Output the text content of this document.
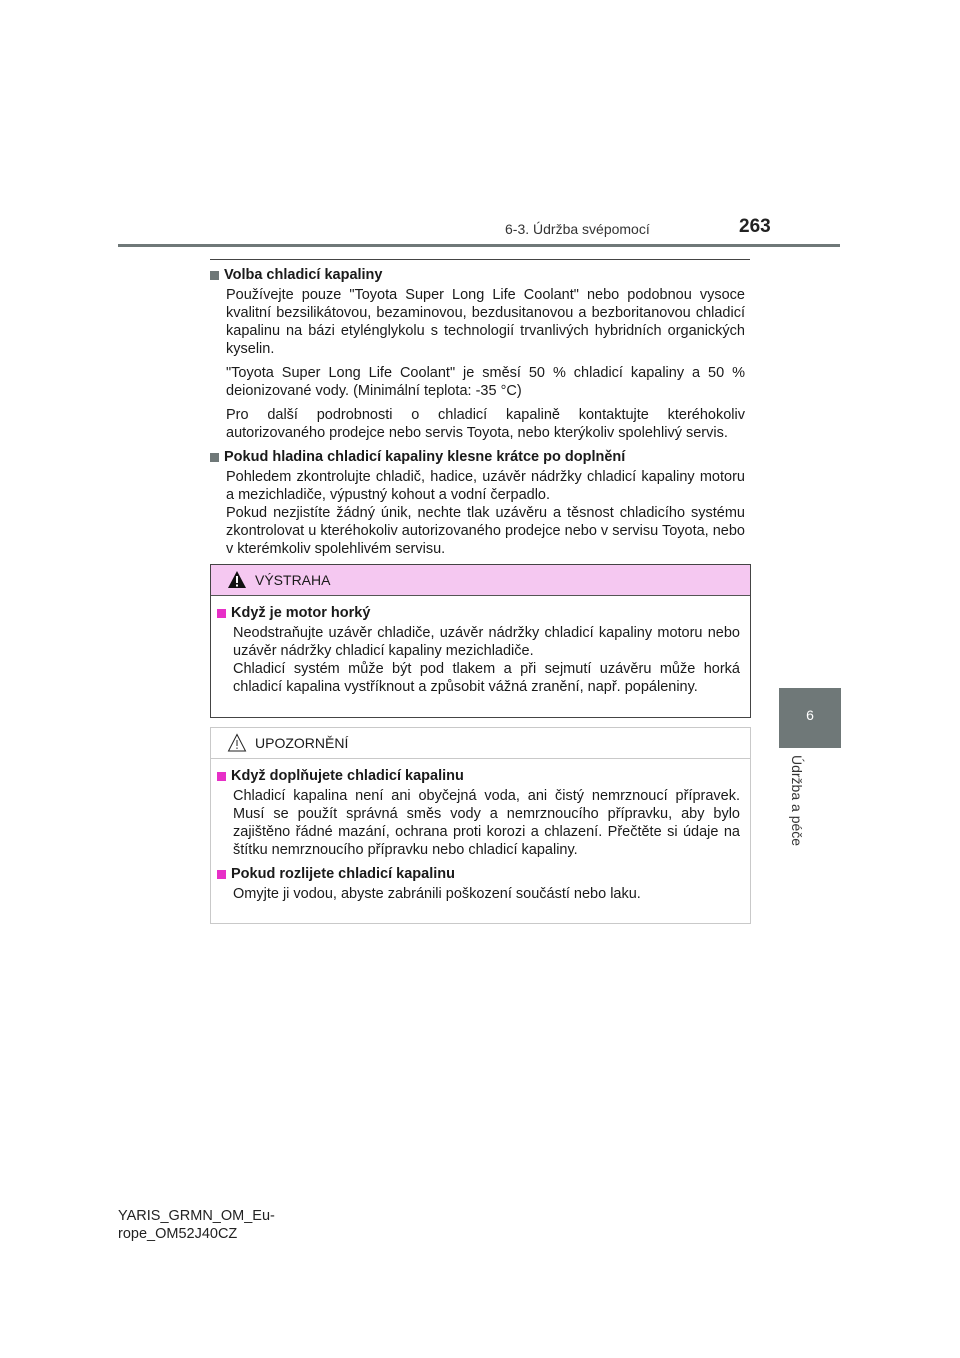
6-3. Údržba svépomocí	263
6
Údržba a péče
Volba chladicí kapaliny
Používejte pouze "Toyota Super Long Life Coolant" nebo podobnou vysoce kvalitní bezsilikátovou, bezaminovou, bezdusitanovou a bezboritanovou chladicí kapalinu na bázi etylénglykolu s technologií trvanlivých hybridních organických kyselin.
"Toyota Super Long Life Coolant" je směsí 50 % chladicí kapaliny a 50 % deionizované vody. (Minimální teplota: -35 °C)
Pro další podrobnosti o chladicí kapalině kontaktujte kteréhokoliv autorizovaného prodejce nebo servis Toyota, nebo kterýkoliv spolehlivý servis.
Pokud hladina chladicí kapaliny klesne krátce po doplnění
Pohledem zkontrolujte chladič, hadice, uzávěr nádržky chladicí kapaliny motoru a mezichladiče, výpustný kohout a vodní čerpadlo.
Pokud nezjistíte žádný únik, nechte tlak uzávěru a těsnost chladicího systému zkontrolovat u kteréhokoliv autorizovaného prodejce nebo v servisu Toyota, nebo v kterémkoliv spolehlivém servisu.
VÝSTRAHA
Když je motor horký
Neodstraňujte uzávěr chladiče, uzávěr nádržky chladicí kapaliny motoru nebo uzávěr nádržky chladicí kapaliny mezichladiče.
Chladicí systém může být pod tlakem a při sejmutí uzávěru může horká chladicí kapalina vystříknout a způsobit vážná zranění, např. popáleniny.
UPOZORNĚNÍ
Když doplňujete chladicí kapalinu
Chladicí kapalina není ani obyčejná voda, ani čistý nemrznoucí přípravek. Musí se použít správná směs vody a nemrznoucího přípravku, aby bylo zajištěno řádné mazání, ochrana proti korozi a chlazení. Přečtěte si údaje na štítku nemrznoucího přípravku nebo chladicí kapaliny.
Pokud rozlijete chladicí kapalinu
Omyjte ji vodou, abyste zabránili poškození součástí nebo laku.
YARIS_GRMN_OM_Eu-
rope_OM52J40CZ
